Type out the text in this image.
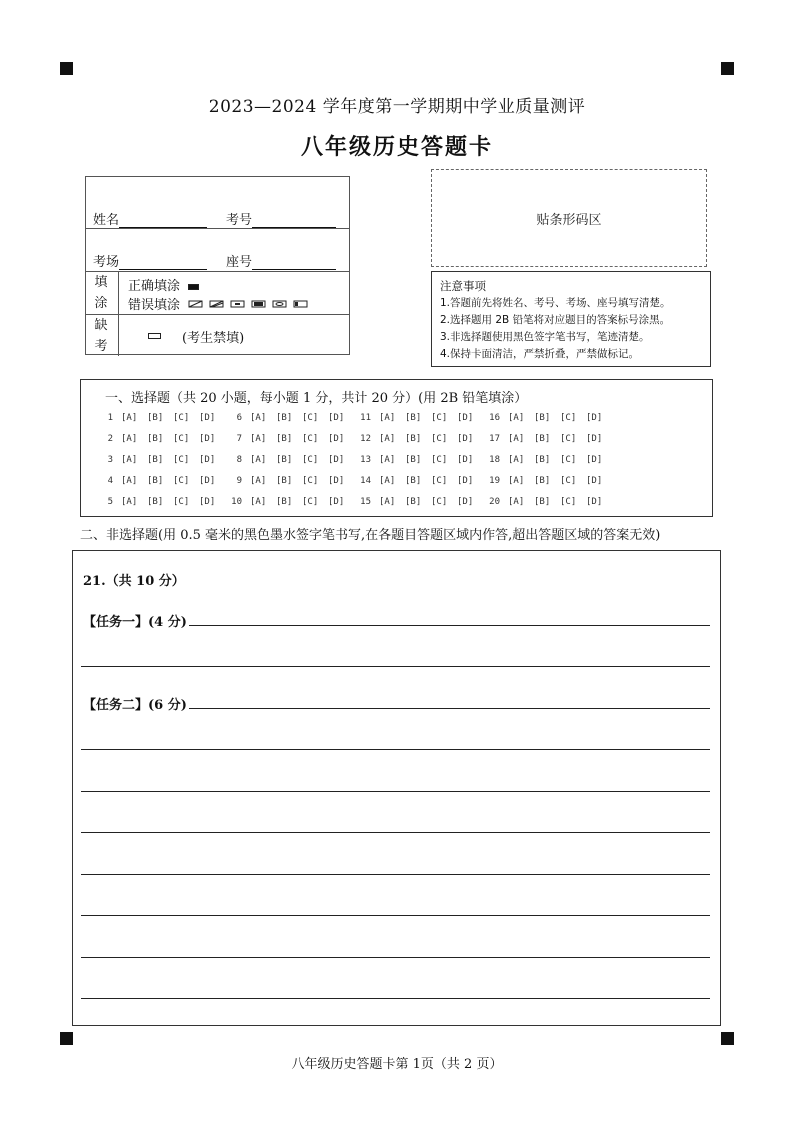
2023—2024 学年度第一学期期中学业质量测评
八年级历史答题卡
姓名	考号
考场	座号
填
涂
正确填涂
错误填涂
缺
考
(考生禁填)
贴条形码区
注意事项
1.答题前先将姓名、考号、考场、座号填写清楚。
2.选择题用 2B 铅笔将对应题目的答案标号涂黑。
3.非选择题使用黑色签字笔书写，笔迹清楚。
4.保持卡面清洁，严禁折叠，严禁做标记。
一、选择题（共 20 小题，每小题 1 分，共计 20 分）(用 2B 铅笔填涂）
1 [A] [B] [C] [D]
2 [A] [B] [C] [D]
3 [A] [B] [C] [D]
4 [A] [B] [C] [D]
5 [A] [B] [C] [D]
6 [A] [B] [C] [D]
7 [A] [B] [C] [D]
8 [A] [B] [C] [D]
9 [A] [B] [C] [D]
10 [A] [B] [C] [D]
11 [A] [B] [C] [D]
12 [A] [B] [C] [D]
13 [A] [B] [C] [D]
14 [A] [B] [C] [D]
15 [A] [B] [C] [D]
16 [A] [B] [C] [D]
17 [A] [B] [C] [D]
18 [A] [B] [C] [D]
19 [A] [B] [C] [D]
20 [A] [B] [C] [D]
二、非选择题(用 0.5 毫米的黑色墨水签字笔书写,在各题目答题区域内作答,超出答题区域的答案无效)
21.（共 10 分）
【任务一】(4 分)
【任务二】(6 分)
八年级历史答题卡第 1页（共 2 页）
